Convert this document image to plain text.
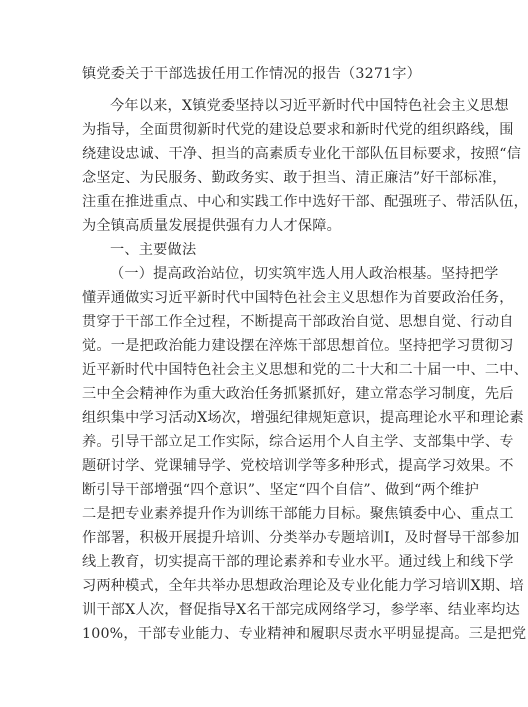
镇党委关于干部选拔任用工作情况的报告（3271字）
今年以来，X镇党委坚持以习近平新时代中国特色社会主义思想
为指导，全面贯彻新时代党的建设总要求和新时代党的组织路线，围
绕建设忠诚、干净、担当的高素质专业化干部队伍目标要求，按照“信
念坚定、为民服务、勤政务实、敢于担当、清正廉洁”好干部标准，
注重在推进重点、中心和实践工作中选好干部、配强班子、带活队伍，
为全镇高质量发展提供强有力人才保障。
一、主要做法
（一）提高政治站位，切实筑牢选人用人政治根基。坚持把学
懂弄通做实习近平新时代中国特色社会主义思想作为首要政治任务，
贯穿于干部工作全过程，不断提高干部政治自觉、思想自觉、行动自
觉。一是把政治能力建设摆在淬炼干部思想首位。坚持把学习贯彻习
近平新时代中国特色社会主义思想和党的二十大和二十届一中、二中、
三中全会精神作为重大政治任务抓紧抓好，建立常态学习制度，先后
组织集中学习活动X场次，增强纪律规矩意识，提高理论水平和理论素
养。引导干部立足工作实际，综合运用个人自主学、支部集中学、专
题研讨学、党课辅导学、党校培训学等多种形式，提高学习效果。不
断引导干部增强“四个意识”、坚定“四个自信”、做到“两个维护
二是把专业素养提升作为训练干部能力目标。聚焦镇委中心、重点工
作部署，积极开展提升培训、分类举办专题培训Ⅰ，及时督导干部参加
线上教育，切实提高干部的理论素养和专业水平。通过线上和线下学
习两种模式，全年共举办思想政治理论及专业化能力学习培训X期、培
训干部X人次，督促指导X名干部完成网络学习，参学率、结业率均达
100%，干部专业能力、专业精神和履职尽责水平明显提高。三是把党
